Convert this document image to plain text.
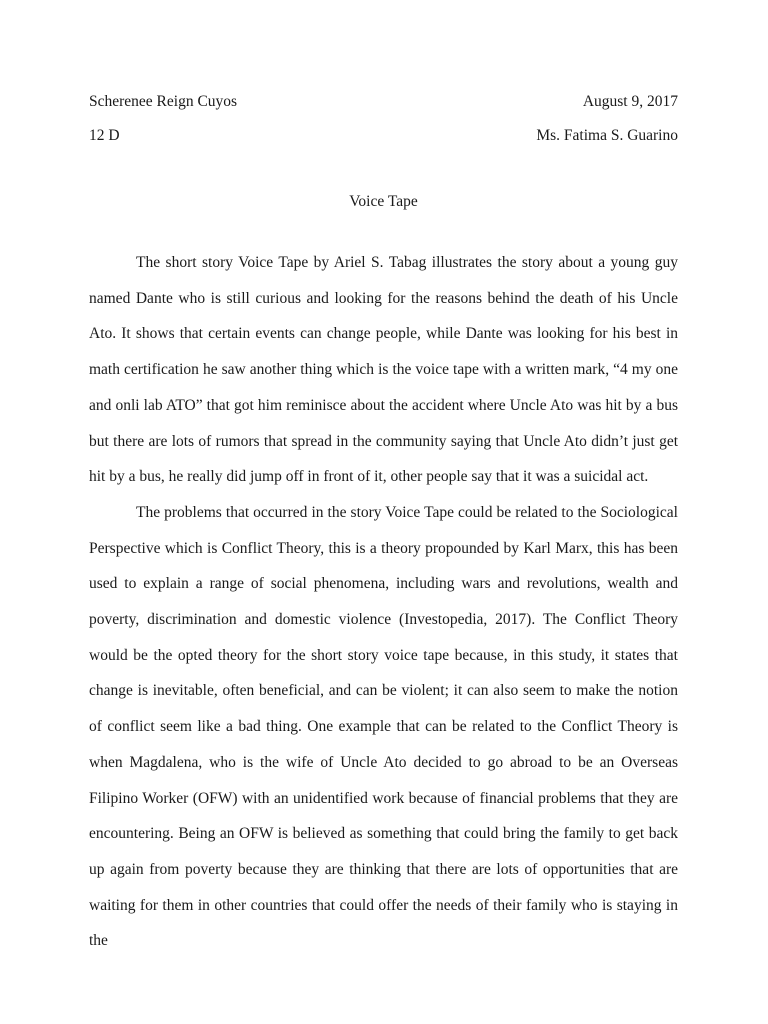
Scherenee Reign Cuyos	August 9, 2017
12 D	Ms. Fatima S. Guarino
Voice Tape

The short story Voice Tape by Ariel S. Tabag illustrates the story about a young guy named Dante who is still curious and looking for the reasons behind the death of his Uncle Ato. It shows that certain events can change people, while Dante was looking for his best in math certification he saw another thing which is the voice tape with a written mark, “4 my one and onli lab ATO” that got him reminisce about the accident where Uncle Ato was hit by a bus but there are lots of rumors that spread in the community saying that Uncle Ato didn’t just get hit by a bus, he really did jump off in front of it, other people say that it was a suicidal act.

The problems that occurred in the story Voice Tape could be related to the Sociological Perspective which is Conflict Theory, this is a theory propounded by Karl Marx, this has been used to explain a range of social phenomena, including wars and revolutions, wealth and poverty, discrimination and domestic violence (Investopedia, 2017). The Conflict Theory would be the opted theory for the short story voice tape because, in this study, it states that change is inevitable, often beneficial, and can be violent; it can also seem to make the notion of conflict seem like a bad thing. One example that can be related to the Conflict Theory is when Magdalena, who is the wife of Uncle Ato decided to go abroad to be an Overseas Filipino Worker (OFW) with an unidentified work because of financial problems that they are encountering. Being an OFW is believed as something that could bring the family to get back up again from poverty because they are thinking that there are lots of opportunities that are waiting for them in other countries that could offer the needs of their family who is staying in the
